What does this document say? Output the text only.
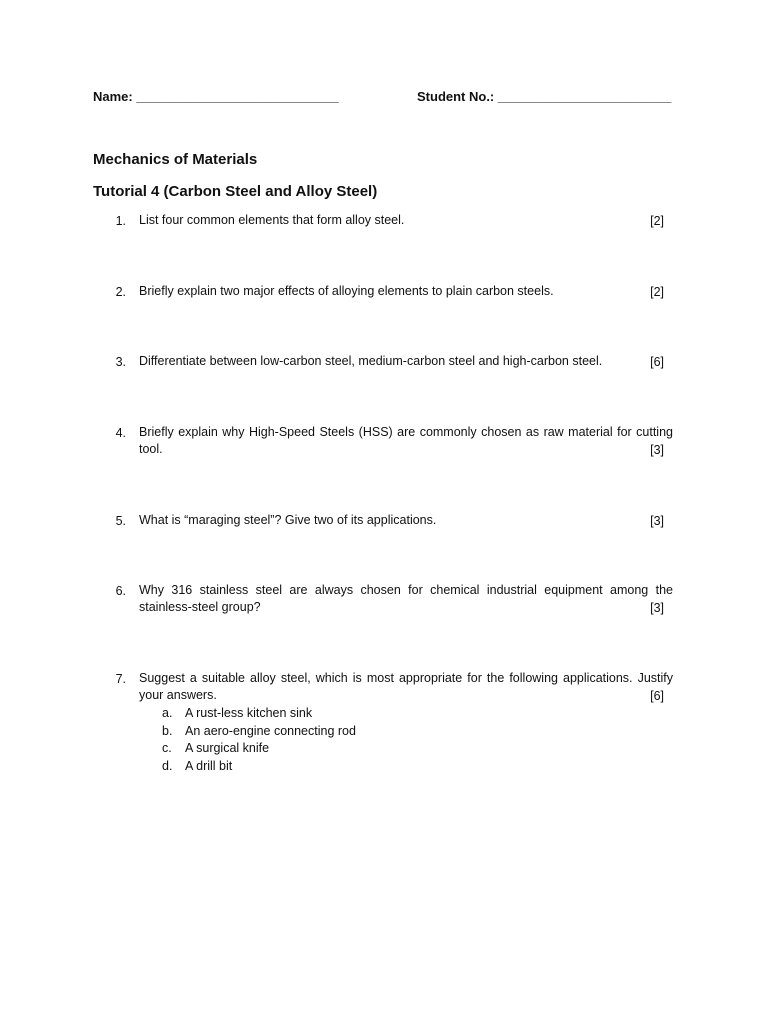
Name: ____________________________	Student No.: ________________________
Mechanics of Materials
Tutorial 4 (Carbon Steel and Alloy Steel)
1. List four common elements that form alloy steel.	[2]
2. Briefly explain two major effects of alloying elements to plain carbon steels.	[2]
3. Differentiate between low-carbon steel, medium-carbon steel and high-carbon steel.	[6]
4. Briefly explain why High-Speed Steels (HSS) are commonly chosen as raw material for cutting
tool.	[3]
5. What is “maraging steel”? Give two of its applications.	[3]
6. Why 316 stainless steel are always chosen for chemical industrial equipment among the
stainless-steel group?	[3]
7. Suggest a suitable alloy steel, which is most appropriate for the following applications. Justify
your answers.	[6]
a. A rust-less kitchen sink
b. An aero-engine connecting rod
c. A surgical knife
d. A drill bit
